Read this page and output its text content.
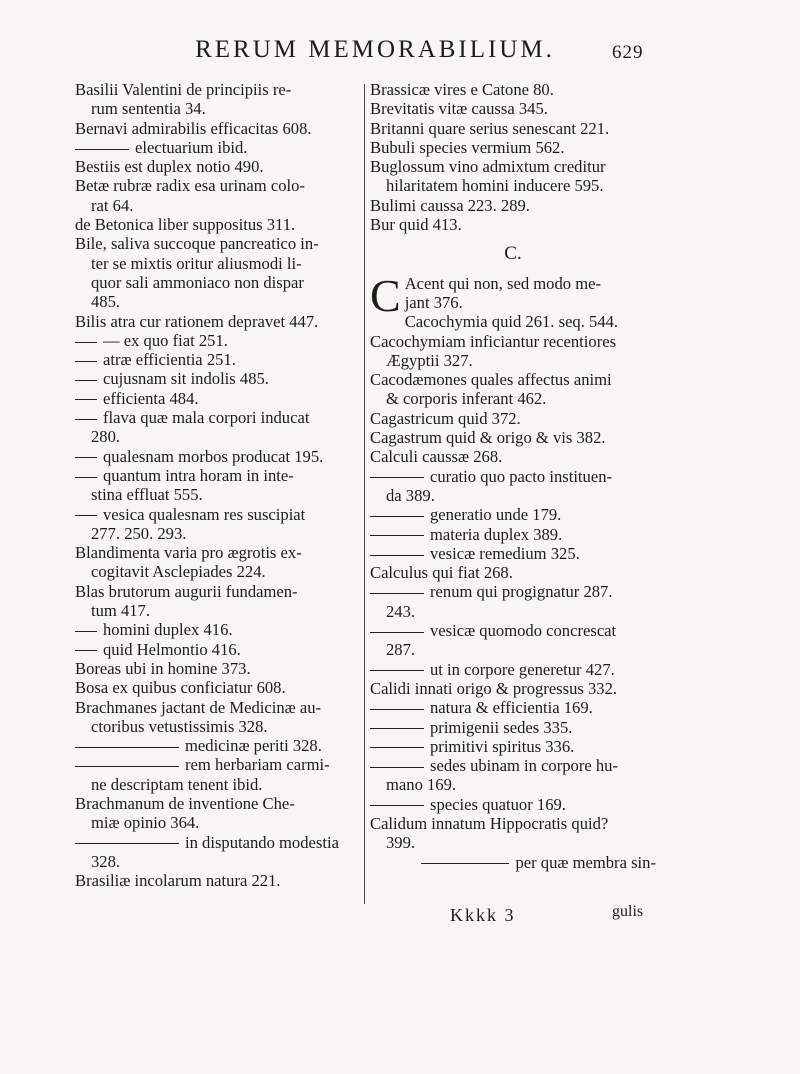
RERUM MEMORABILIUM.	629
Basilii Valentini de principiis re-
rum sententia 34.
Bernavi admirabilis efficacitas 608.
electuarium ibid.
Bestiis est duplex notio 490.
Betæ rubræ radix esa urinam colo-
rat 64.
de Betonica liber suppositus 311.
Bile, saliva succoque pancreatico in-
ter se mixtis oritur aliusmodi li-
quor sali ammoniaco non dispar
485.
Bilis atra cur rationem depravet 447.
— ex quo fiat 251.
atræ efficientia 251.
cujusnam sit indolis 485.
efficienta 484.
flava quæ mala corpori inducat
280.
qualesnam morbos producat 195.
quantum intra horam in inte-
stina effluat 555.
vesica qualesnam res suscipiat
277. 250. 293.
Blandimenta varia pro ægrotis ex-
cogitavit Asclepiades 224.
Blas brutorum augurii fundamen-
tum 417.
homini duplex 416.
quid Helmontio 416.
Boreas ubi in homine 373.
Bosa ex quibus conficiatur 608.
Brachmanes jactant de Medicinæ au-
ctoribus vetustissimis 328.
medicinæ periti 328.
rem herbariam carmi-
ne descriptam tenent ibid.
Brachmanum de inventione Che-
miæ opinio 364.
in disputando modestia
328.
Brasiliæ incolarum natura 221.
Brassicæ vires e Catone 80.
Brevitatis vitæ caussa 345.
Britanni quare serius senescant 221.
Bubuli species vermium 562.
Buglossum vino admixtum creditur
hilaritatem homini inducere 595.
Bulimi caussa 223. 289.
Bur quid 413.
C.
C Acent qui non, sed modo me-
jant 376.
Cacochymia quid 261. seq. 544.
Cacochymiam inficiantur recentiores
Ægyptii 327.
Cacodæmones quales affectus animi
& corporis inferant 462.
Cagastricum quid 372.
Cagastrum quid & origo & vis 382.
Calculi caussæ 268.
curatio quo pacto instituen-
da 389.
generatio unde 179.
materia duplex 389.
vesicæ remedium 325.
Calculus qui fiat 268.
renum qui progignatur 287.
243.
vesicæ quomodo concrescat
287.
ut in corpore generetur 427.
Calidi innati origo & progressus 332.
natura & efficientia 169.
primigenii sedes 335.
primitivi spiritus 336.
sedes ubinam in corpore hu-
mano 169.
species quatuor 169.
Calidum innatum Hippocratis quid?
399.
per quæ membra sin-
Kkkk 3	gulis
